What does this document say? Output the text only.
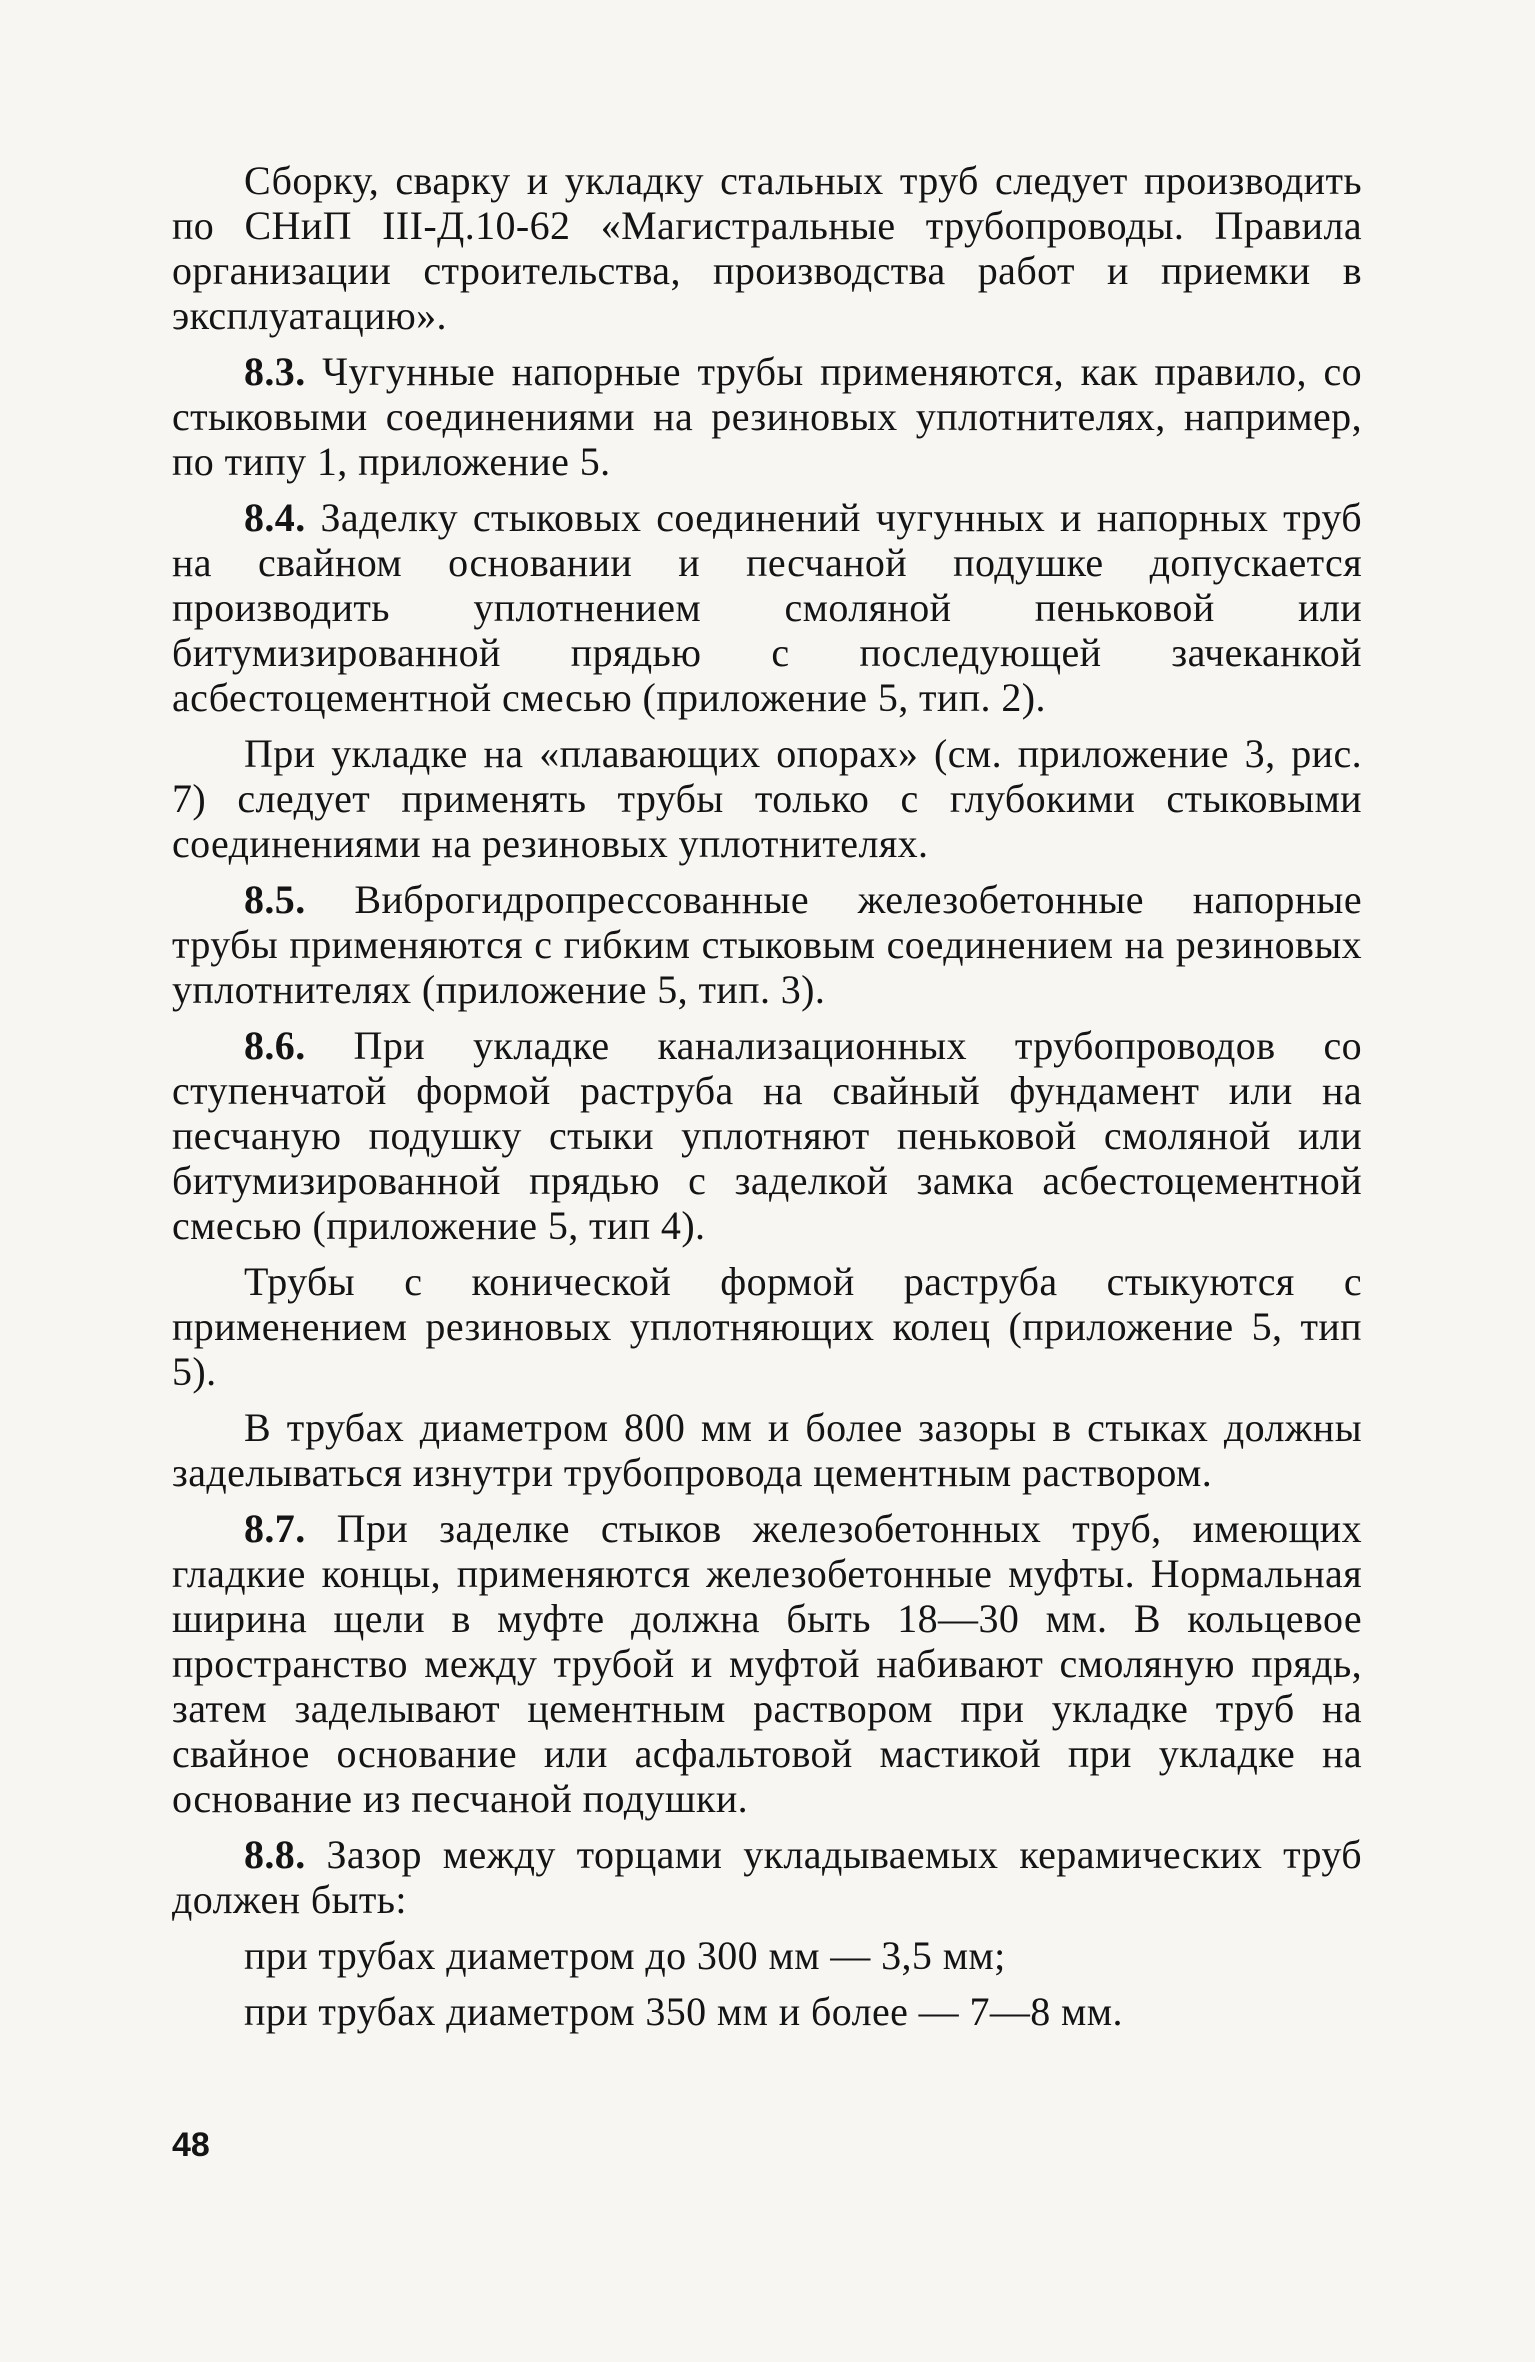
Сборку, сварку и укладку стальных труб следует производить по СНиП III-Д.10-62 «Магистральные трубопроводы. Правила организации строительства, производства работ и приемки в эксплуатацию».

8.3. Чугунные напорные трубы применяются, как правило, со стыковыми соединениями на резиновых уплотнителях, например, по типу 1, приложение 5.

8.4. Заделку стыковых соединений чугунных и напорных труб на свайном основании и песчаной подушке допускается производить уплотнением смоляной пеньковой или битумизированной прядью с последующей зачеканкой асбестоцементной смесью (приложение 5, тип. 2).

При укладке на «плавающих опорах» (см. приложение 3, рис. 7) следует применять трубы только с глубокими стыковыми соединениями на резиновых уплотнителях.

8.5. Виброгидропрессованные железобетонные напорные трубы применяются с гибким стыковым соединением на резиновых уплотнителях (приложение 5, тип. 3).

8.6. При укладке канализационных трубопроводов со ступенчатой формой раструба на свайный фундамент или на песчаную подушку стыки уплотняют пеньковой смоляной или битумизированной прядью с заделкой замка асбестоцементной смесью (приложение 5, тип 4).

Трубы с конической формой раструба стыкуются с применением резиновых уплотняющих колец (приложение 5, тип 5).

В трубах диаметром 800 мм и более зазоры в стыках должны заделываться изнутри трубопровода цементным раствором.

8.7. При заделке стыков железобетонных труб, имеющих гладкие концы, применяются железобетонные муфты. Нормальная ширина щели в муфте должна быть 18—30 мм. В кольцевое пространство между трубой и муфтой набивают смоляную прядь, затем заделывают цементным раствором при укладке труб на свайное основание или асфальтовой мастикой при укладке на основание из песчаной подушки.

8.8. Зазор между торцами укладываемых керамических труб должен быть:

при трубах диаметром до 300 мм — 3,5 мм;

при трубах диаметром 350 мм и более — 7—8 мм.

48
